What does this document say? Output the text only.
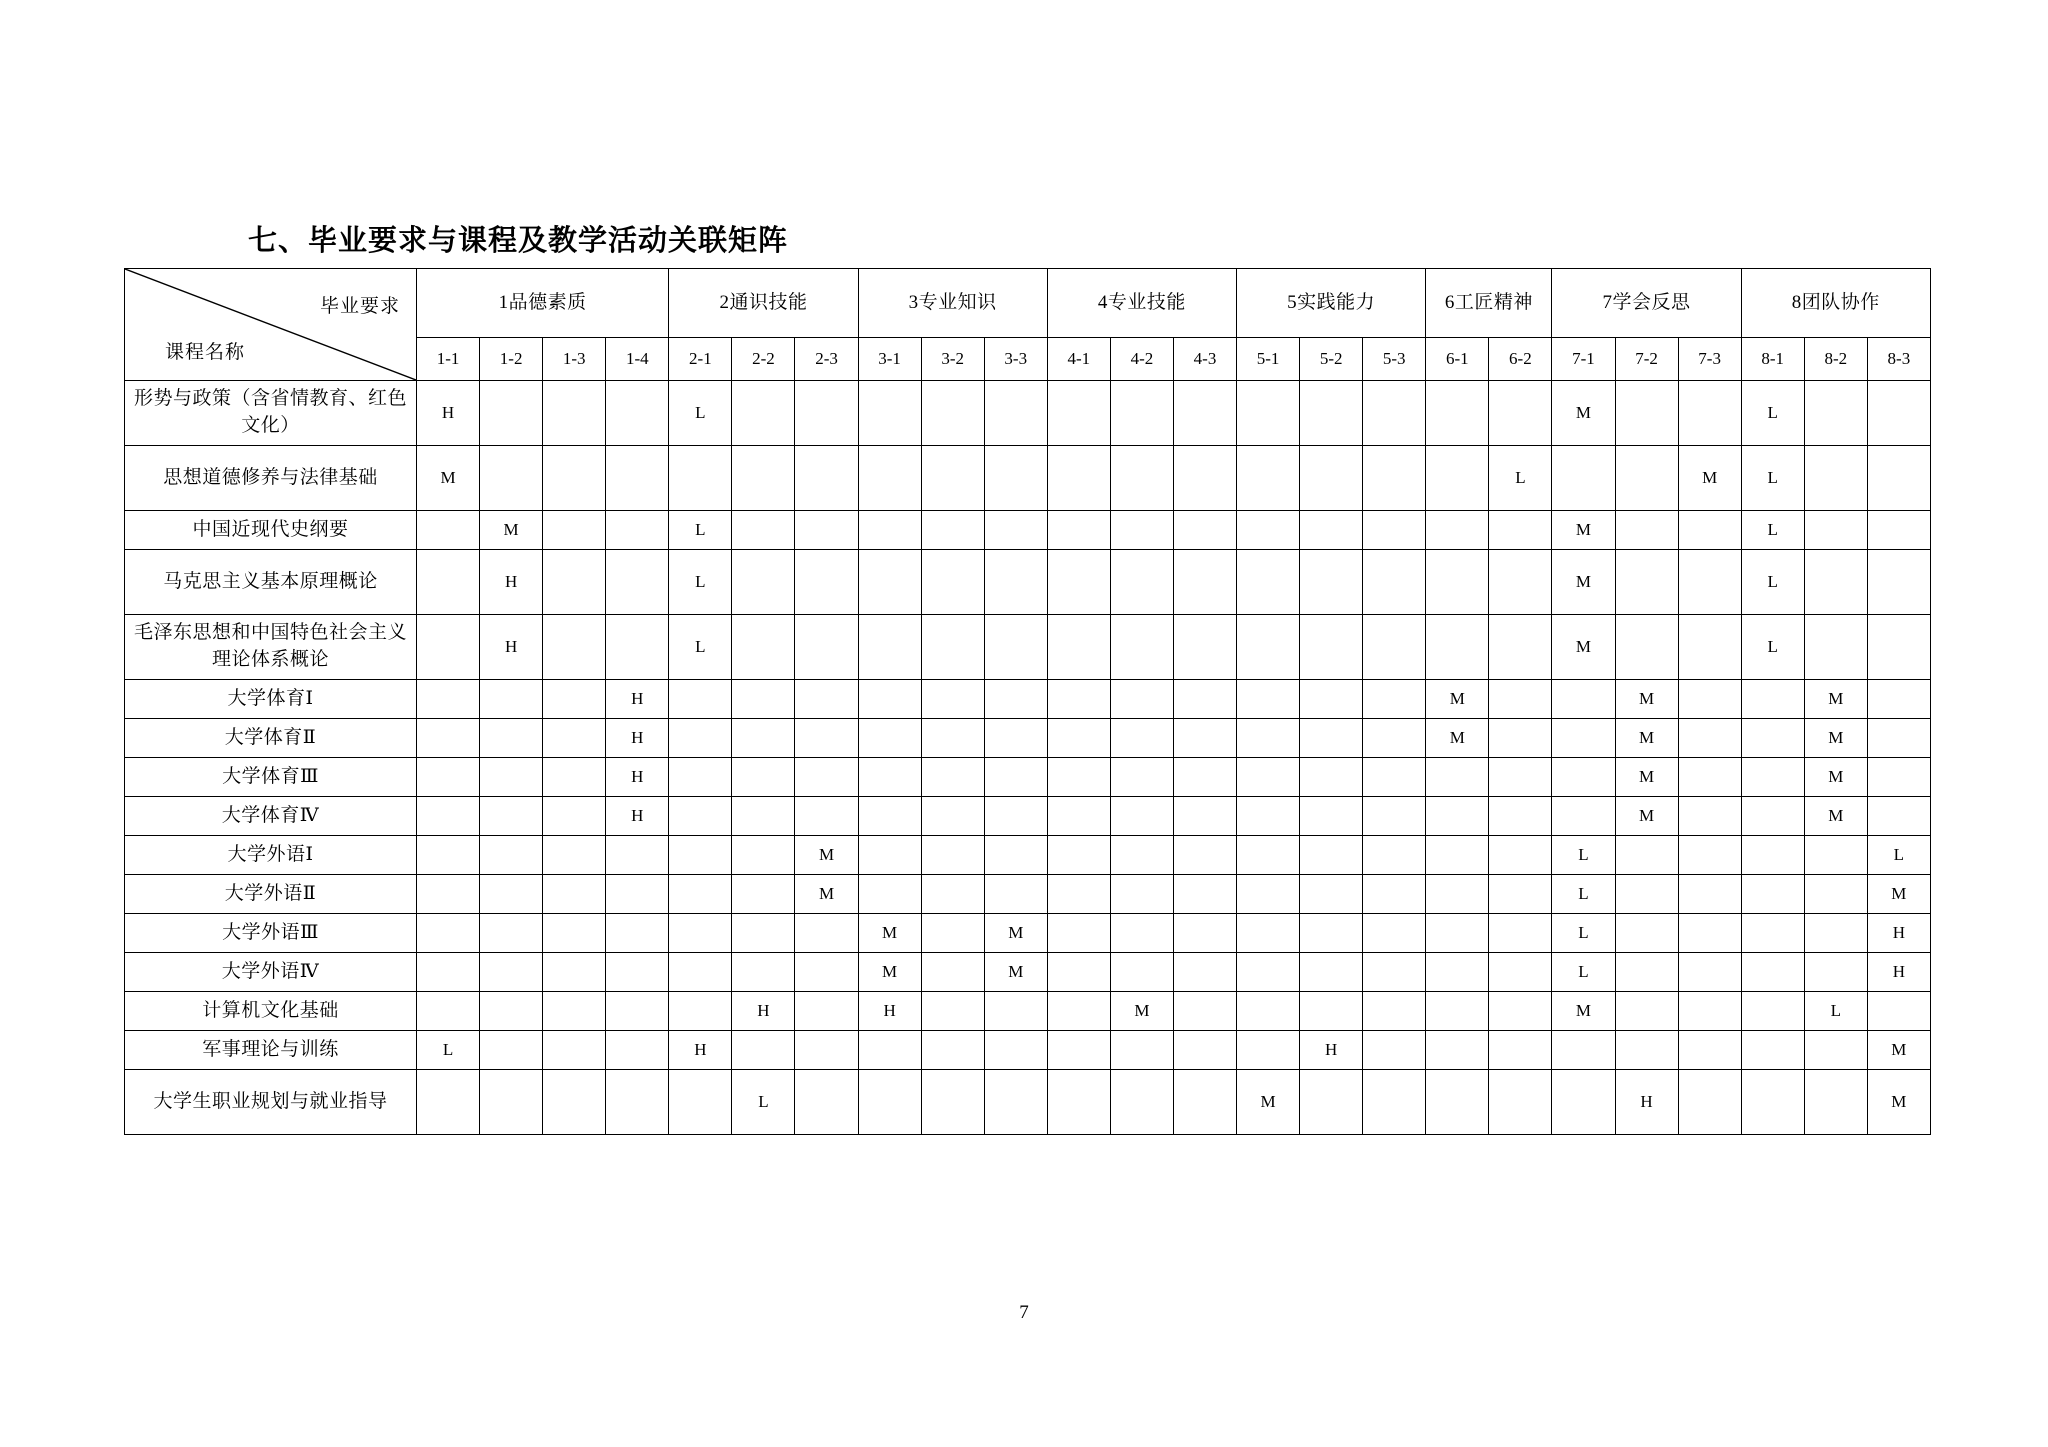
七、毕业要求与课程及教学活动关联矩阵
毕业要求
课程名称	1品德素质				2通识技能			3专业知识			4专业技能			5实践能力			6工匠精神		7学会反思			8团队协作		
	1-1	1-2	1-3	1-4	2-1	2-2	2-3	3-1	3-2	3-3	4-1	4-2	4-3	5-1	5-2	5-3	6-1	6-2	7-1	7-2	7-3	8-1	8-2	8-3
形势与政策（含省情教育、红色文化）	H				L														M			L		
思想道德修养与法律基础	M																	L			M	L		
中国近现代史纲要		M			L														M			L		
马克思主义基本原理概论		H			L														M			L		
毛泽东思想和中国特色社会主义理论体系概论		H			L														M			L		
大学体育Ⅰ				H													M			M			M	
大学体育Ⅱ				H													M			M			M	
大学体育Ⅲ				H																M			M	
大学体育Ⅳ				H																M			M	
大学外语Ⅰ							M												L					L
大学外语Ⅱ							M												L					M
大学外语Ⅲ								M		M									L					H
大学外语Ⅳ								M		M									L					H
计算机文化基础						H		H				M							M				L	
军事理论与训练	L				H										H									M
大学生职业规划与就业指导						L								M						H				M
7
